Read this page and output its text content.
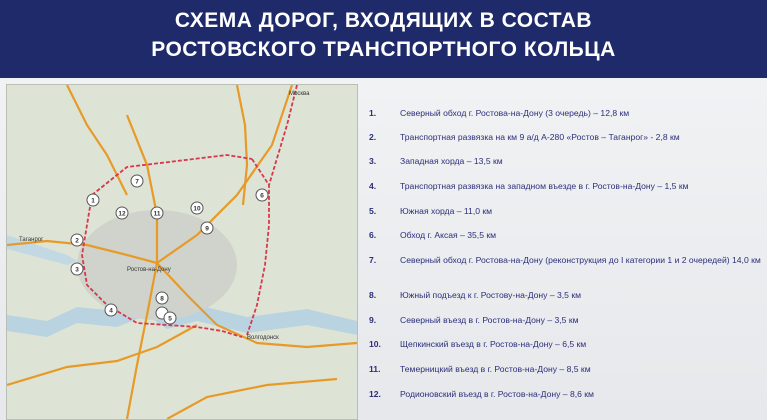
СХЕМА ДОРОГ, ВХОДЯЩИХ В СОСТАВ
РОСТОВСКОГО ТРАНСПОРТНОГО КОЛЬЦА
Таганрог
Ростов-на-Дону
Волгодонск
Москва
1
7
2
3
4
8
5
6
9
10
11
12
1.	Северный обход г. Ростова-на-Дону (3 очередь) – 12,8 км
2.	Транспортная развязка на км 9 а/д А-280 «Ростов – Таганрог» - 2,8 км
3.	Западная хорда – 13,5 км
4.	Транспортная развязка на западном въезде в г. Ростов-на-Дону – 1,5 км
5.	Южная хорда – 11,0 км
6.	Обход г. Аксая – 35,5 км
7.	Северный обход г. Ростова-на-Дону (реконструкция до I категории 1 и 2 очередей) 14,0 км
8.	Южный подъезд к г. Ростову-на-Дону – 3,5 км
9.	Северный въезд в г. Ростов-на-Дону – 3,5 км
10.	Щепкинский въезд в г. Ростов-на-Дону – 6,5 км
11.	Темерницкий въезд в г. Ростов-на-Дону – 8,5 км
12.	Родионовский въезд в г. Ростов-на-Дону – 8,6 км
